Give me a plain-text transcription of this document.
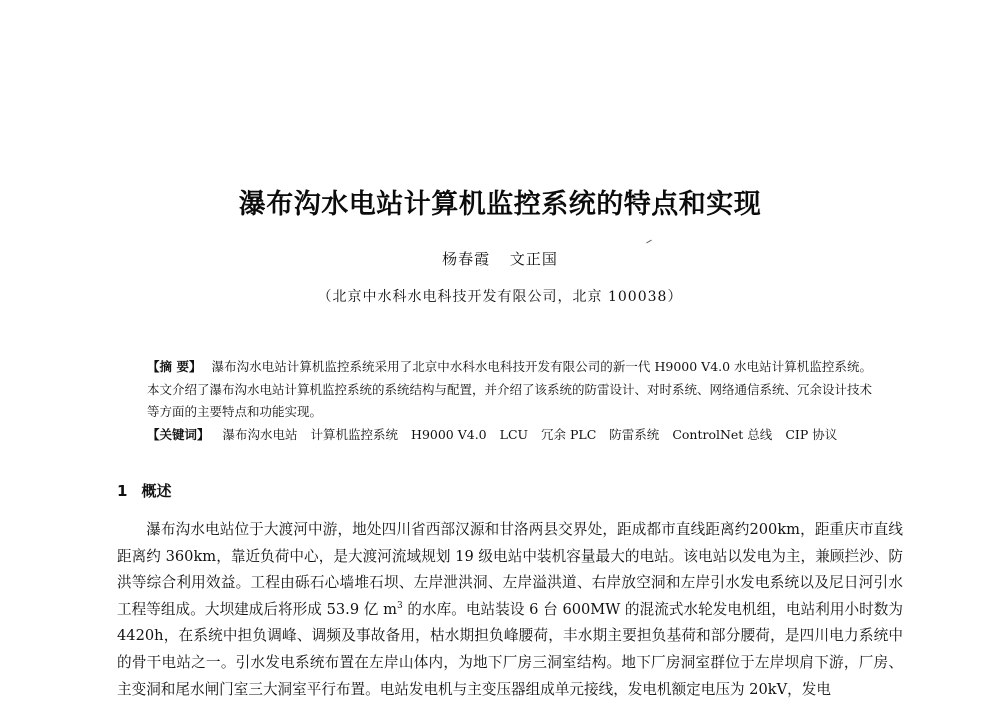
瀑布沟水电站计算机监控系统的特点和实现
杨春霞 文正国
（北京中水科水电科技开发有限公司，北京 100038）

【摘 要】 瀑布沟水电站计算机监控系统采用了北京中水科水电科技开发有限公司的新一代 H9000 V4.0 水电站计算机监控系统。本文介绍了瀑布沟水电站计算机监控系统的系统结构与配置，并介绍了该系统的防雷设计、对时系统、网络通信系统、冗余设计技术等方面的主要特点和功能实现。

【关键词】 瀑布沟水电站 计算机监控系统 H9000 V4.0 LCU 冗余 PLC 防雷系统 ControlNet 总线 CIP 协议

1 概述

瀑布沟水电站位于大渡河中游，地处四川省西部汉源和甘洛两县交界处，距成都市直线距离约200km，距重庆市直线距离约 360km，靠近负荷中心，是大渡河流域规划 19 级电站中装机容量最大的电站。该电站以发电为主，兼顾拦沙、防洪等综合利用效益。工程由砾石心墙堆石坝、左岸泄洪洞、左岸溢洪道、右岸放空洞和左岸引水发电系统以及尼日河引水工程等组成。大坝建成后将形成 53.9 亿 $m^3$ 的水库。电站装设 6 台 600MW 的混流式水轮发电机组，电站利用小时数为 4420h，在系统中担负调峰、调频及事故备用，枯水期担负峰腰荷，丰水期主要担负基荷和部分腰荷，是四川电力系统中的骨干电站之一。引水发电系统布置在左岸山体内，为地下厂房三洞室结构。地下厂房洞室群位于左岸坝肩下游，厂房、主变洞和尾水闸门室三大洞室平行布置。电站发电机与主变压器组成单元接线，发电机额定电压为 20kV，发电
